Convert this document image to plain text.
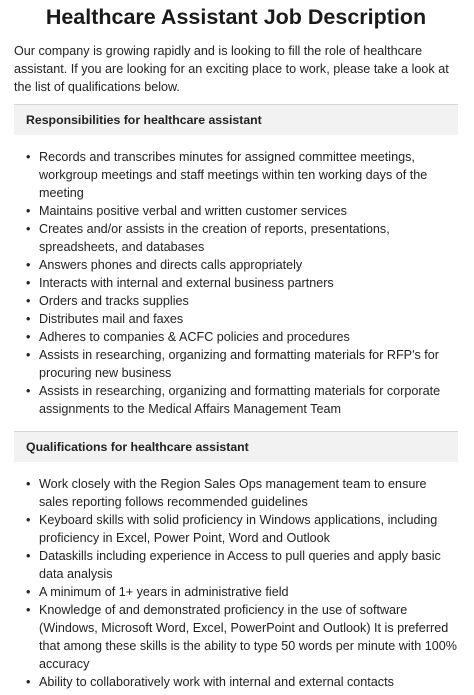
Healthcare Assistant Job Description

Our company is growing rapidly and is looking to fill the role of healthcare assistant. If you are looking for an exciting place to work, please take a look at the list of qualifications below.

Responsibilities for healthcare assistant
• Records and transcribes minutes for assigned committee meetings, workgroup meetings and staff meetings within ten working days of the meeting
• Maintains positive verbal and written customer services
• Creates and/or assists in the creation of reports, presentations, spreadsheets, and databases
• Answers phones and directs calls appropriately
• Interacts with internal and external business partners
• Orders and tracks supplies
• Distributes mail and faxes
• Adheres to companies & ACFC policies and procedures
• Assists in researching, organizing and formatting materials for RFP's for procuring new business
• Assists in researching, organizing and formatting materials for corporate assignments to the Medical Affairs Management Team
Qualifications for healthcare assistant
• Work closely with the Region Sales Ops management team to ensure sales reporting follows recommended guidelines
• Keyboard skills with solid proficiency in Windows applications, including proficiency in Excel, Power Point, Word and Outlook
• Dataskills including experience in Access to pull queries and apply basic data analysis
• A minimum of 1+ years in administrative field
• Knowledge of and demonstrated proficiency in the use of software (Windows, Microsoft Word, Excel, PowerPoint and Outlook) It is preferred that among these skills is the ability to type 50 words per minute with 100% accuracy
• Ability to collaboratively work with internal and external contacts
